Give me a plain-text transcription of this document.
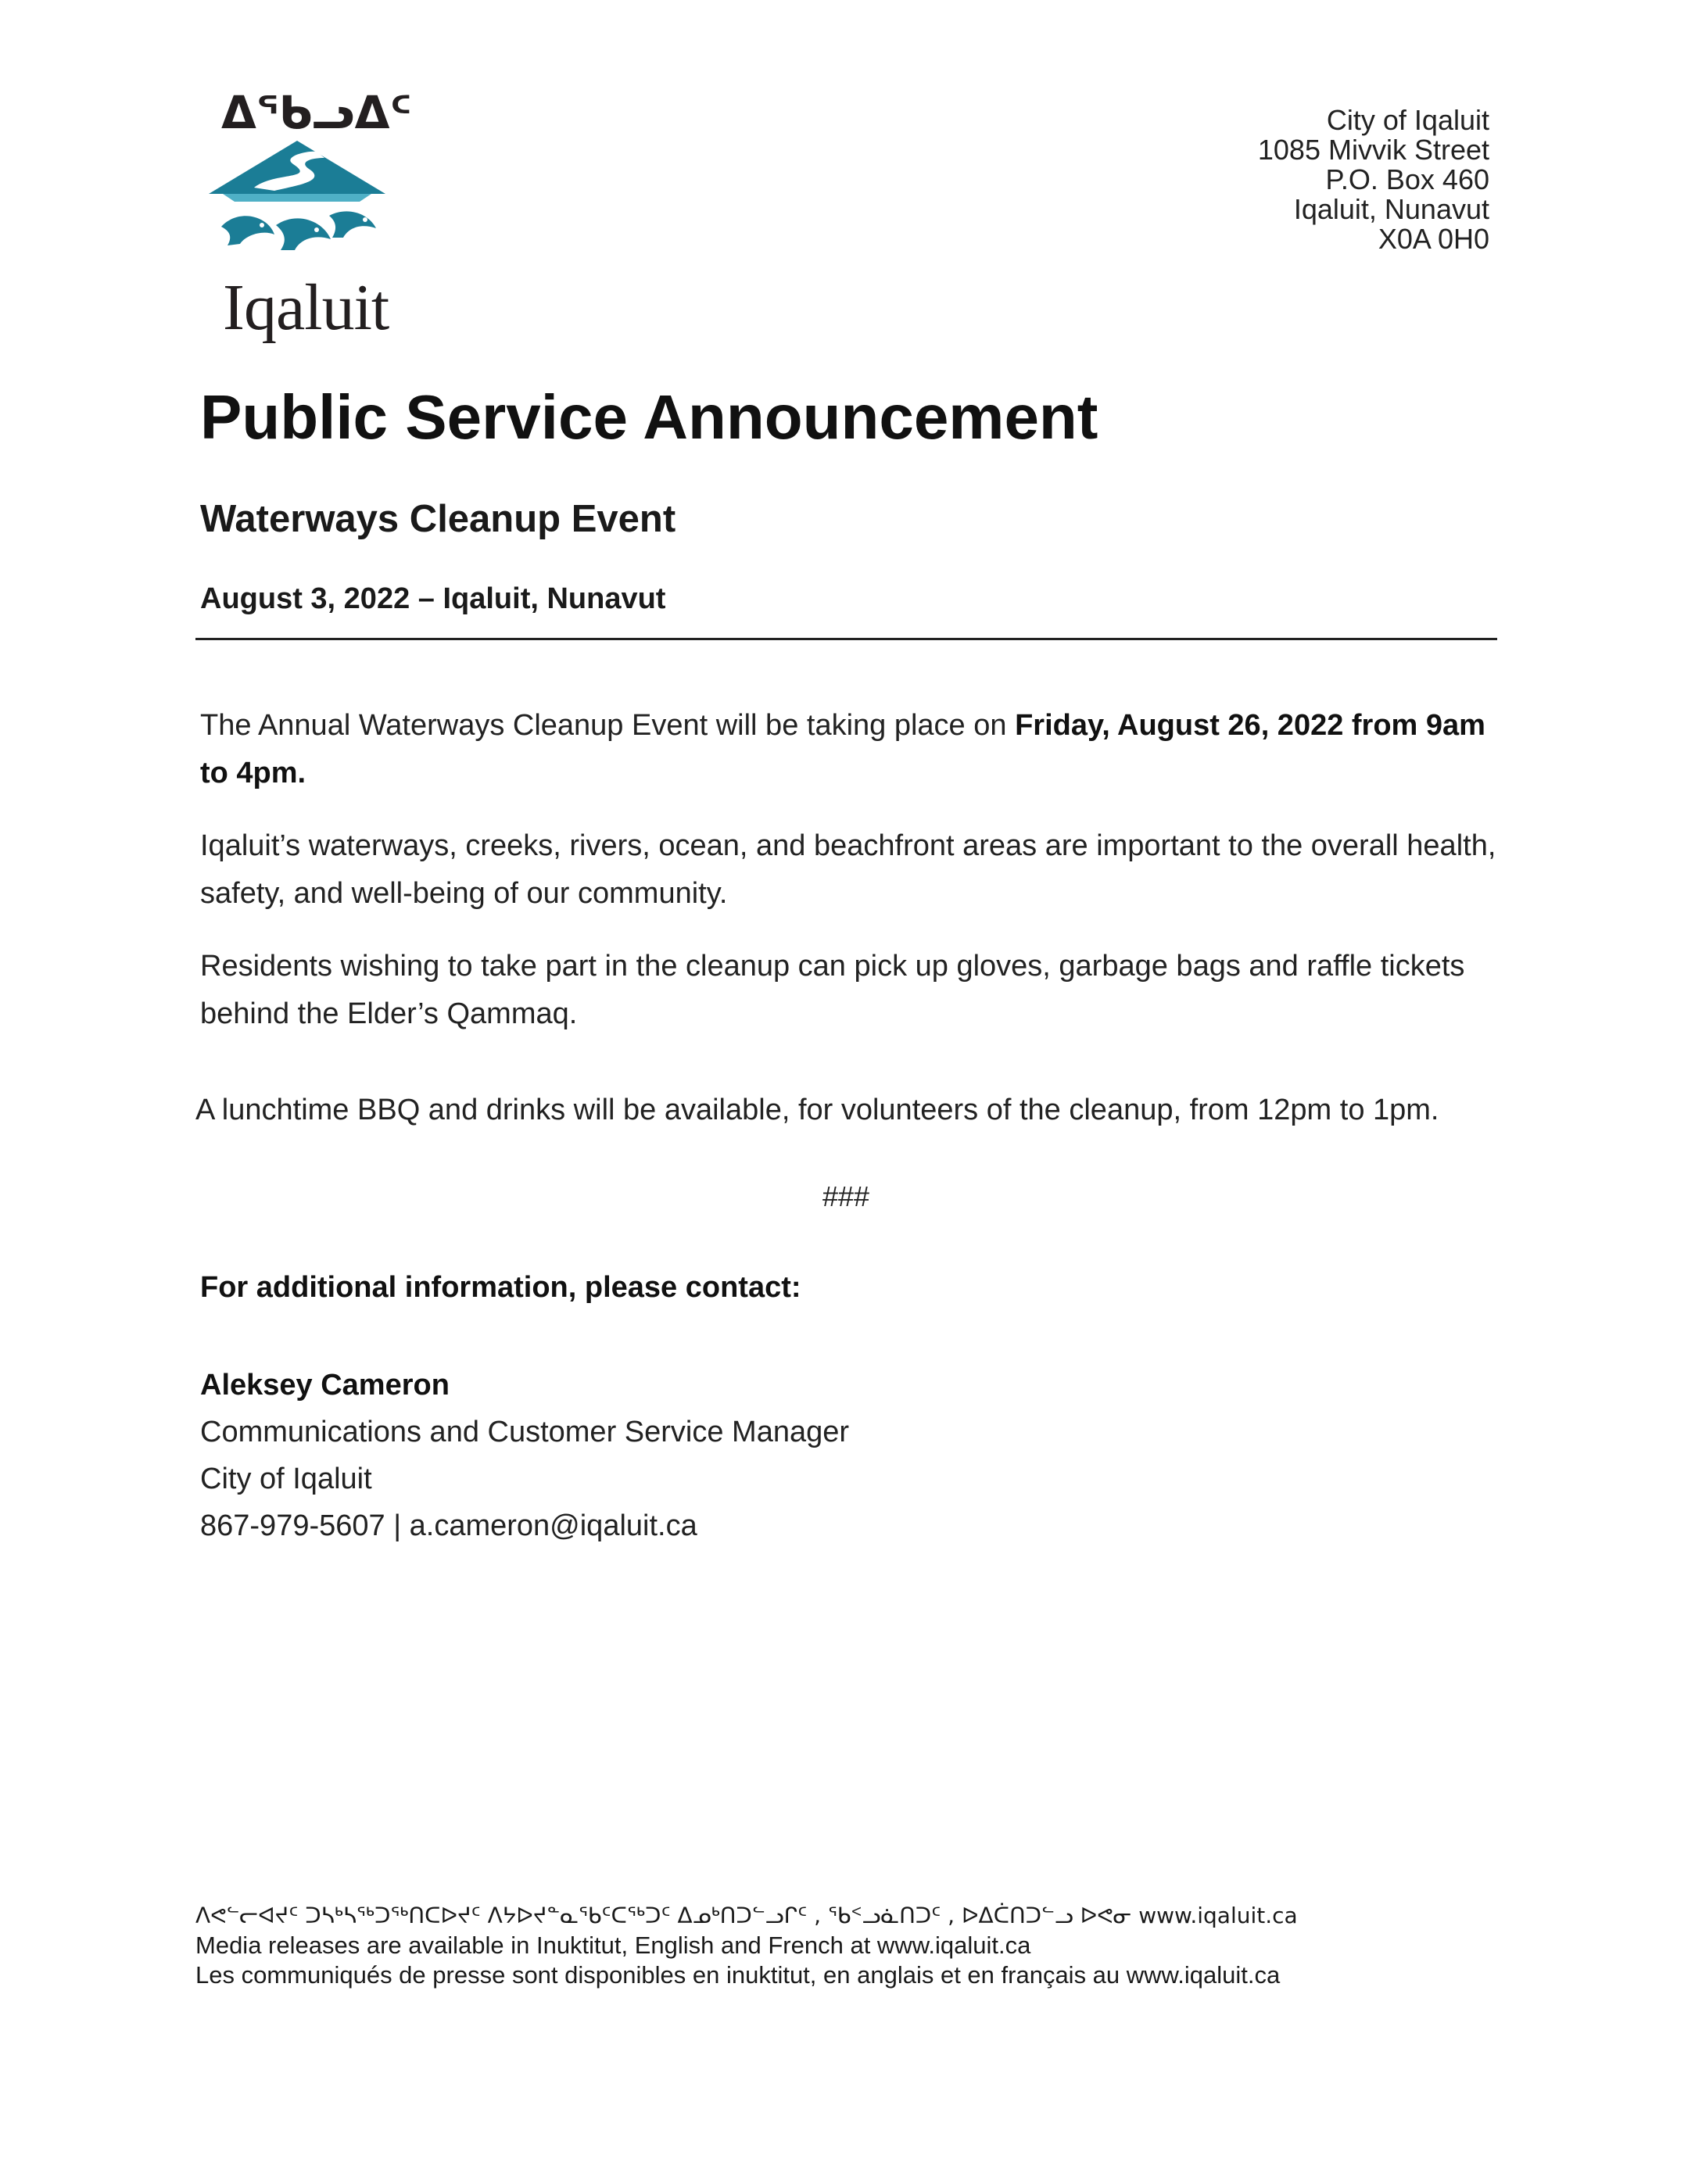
ᐃᖃᓗᐃᑦ
Iqaluit
City of Iqaluit
1085 Mivvik Street
P.O. Box 460
Iqaluit, Nunavut
X0A 0H0
Public Service Announcement
Waterways Cleanup Event
August 3, 2022 – Iqaluit, Nunavut
The Annual Waterways Cleanup Event will be taking place on Friday, August 26, 2022 from 9am to 4pm.
Iqaluit’s waterways, creeks, rivers, ocean, and beachfront areas are important to the overall health, safety, and well-being of our community.
Residents wishing to take part in the cleanup can pick up gloves, garbage bags and raffle tickets behind the Elder’s Qammaq.
A lunchtime BBQ and drinks will be available, for volunteers of the cleanup, from 12pm to 1pm.
###
For additional information, please contact:
Aleksey Cameron
Communications and Customer Service Manager
City of Iqaluit
867-979-5607 | a.cameron@iqaluit.ca
ᐱᕙᓪᓕᐊᔪᑦ ᑐᓴᒃᓴᖅᑐᖅᑎᑕᐅᔪᑦ ᐱᔭᐅᔪᓐᓇᖃᑦᑕᖅᑐᑦ ᐃᓄᒃᑎᑐᓪᓗᒋᑦ , ᖃᑉᓗᓈᑎᑐᑦ , ᐅᐃᑖᑎᑐᓪᓗ ᐅᕙᓂ www.iqaluit.ca
Media releases are available in Inuktitut, English and French at www.iqaluit.ca
Les communiqués de presse sont disponibles en inuktitut, en anglais et en français au www.iqaluit.ca
